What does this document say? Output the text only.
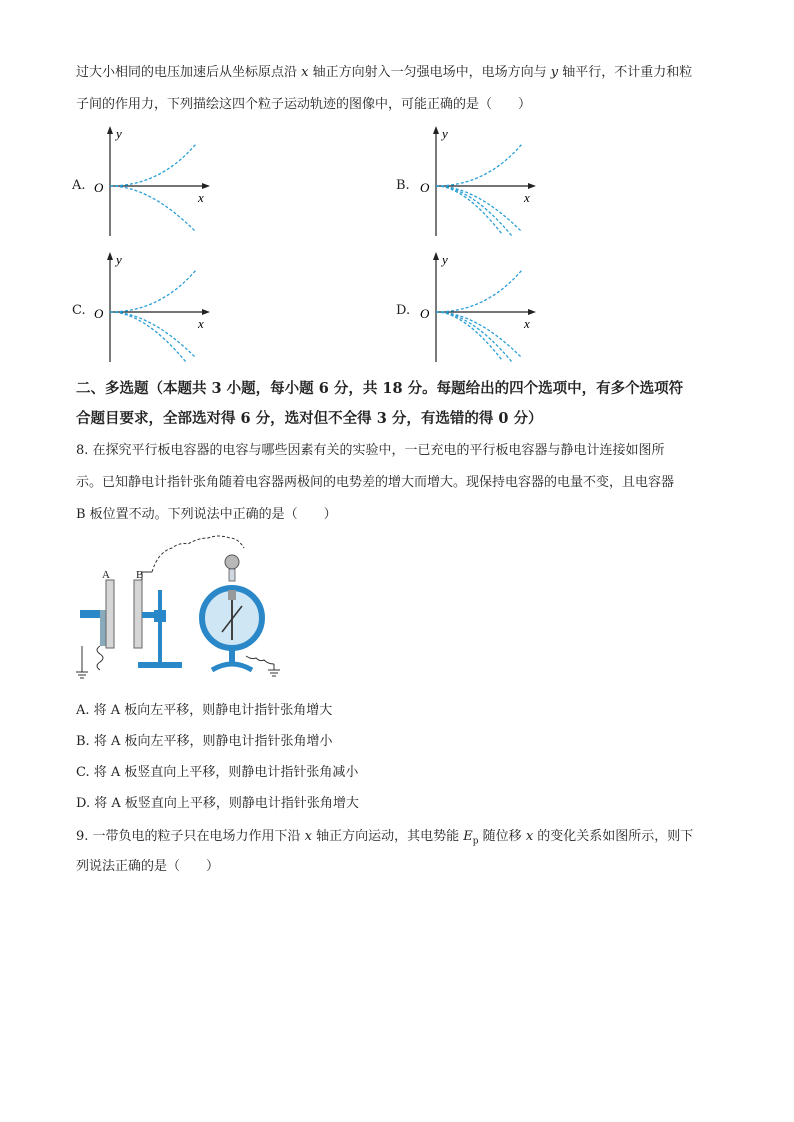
过大小相同的电压加速后从坐标原点沿 x 轴正方向射入一匀强电场中，电场方向与 y 轴平行，不计重力和粒
子间的作用力，下列描绘这四个粒子运动轨迹的图像中，可能正确的是（　　）
A.
y
x
O	B.
y
x
O
C.
y
x
O	D.
y
x
O
二、多选题（本题共 3 小题，每小题 6 分，共 18 分。每题给出的四个选项中，有多个选项符
合题目要求，全部选对得 6 分，选对但不全得 3 分，有选错的得 0 分）
8. 在探究平行板电容器的电容与哪些因素有关的实验中，一已充电的平行板电容器与静电计连接如图所
示。已知静电计指针张角随着电容器两极间的电势差的增大而增大。现保持电容器的电量不变，且电容器
B 板位置不动。下列说法中正确的是（　　）
A B
A. 将 A 板向左平移，则静电计指针张角增大
B. 将 A 板向左平移，则静电计指针张角增小
C. 将 A 板竖直向上平移，则静电计指针张角减小
D. 将 A 板竖直向上平移，则静电计指针张角增大
9. 一带负电的粒子只在电场力作用下沿 x 轴正方向运动，其电势能 $E_p$ 随位移 x 的变化关系如图所示，则下
列说法正确的是（　　）
